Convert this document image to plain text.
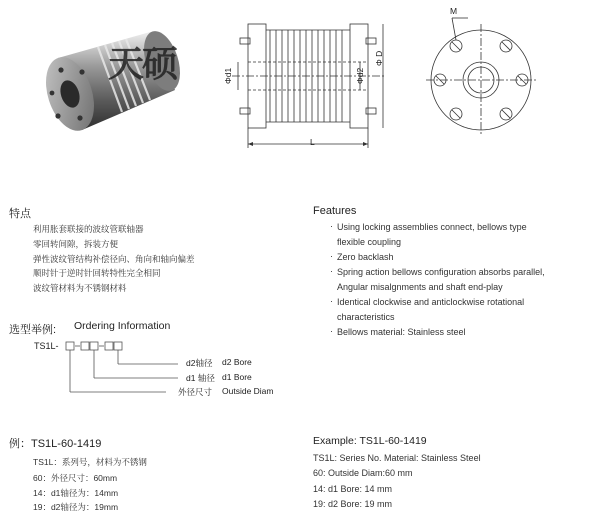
天硕
L
Φ D
Φd1	Φd2
M
特点
利用胀套联接的波纹管联轴器
零回转间隙，拆装方便
弹性波纹管结构补偿径向、角向和轴向偏差
顺时针于逆时针回转特性完全相同
波纹管材料为不锈钢材料
Features
· Using locking assemblies connect, bellows type
flexible coupling
· Zero backlash
· Spring action bellows configuration absorbs parallel,
Angular misalgnments and shaft end-play
· Identical clockwise and anticlockwise rotational
characteristics
· Bellows material: Stainless steel
选型举例: Ordering Information
TS1L-
d2轴径 d2 Bore
d1 轴径 d1 Bore
外径尺寸 Outside Diam
例：TS1L-60-1419
TS1L：系列号，材料为不锈钢
60：外径尺寸：60mm
14：d1轴径为：14mm
19：d2轴径为：19mm
Example: TS1L-60-1419
TS1L: Series No. Material: Stainless Steel
60: Outside Diam:60 mm
14: d1 Bore: 14 mm
19: d2 Bore: 19 mm
